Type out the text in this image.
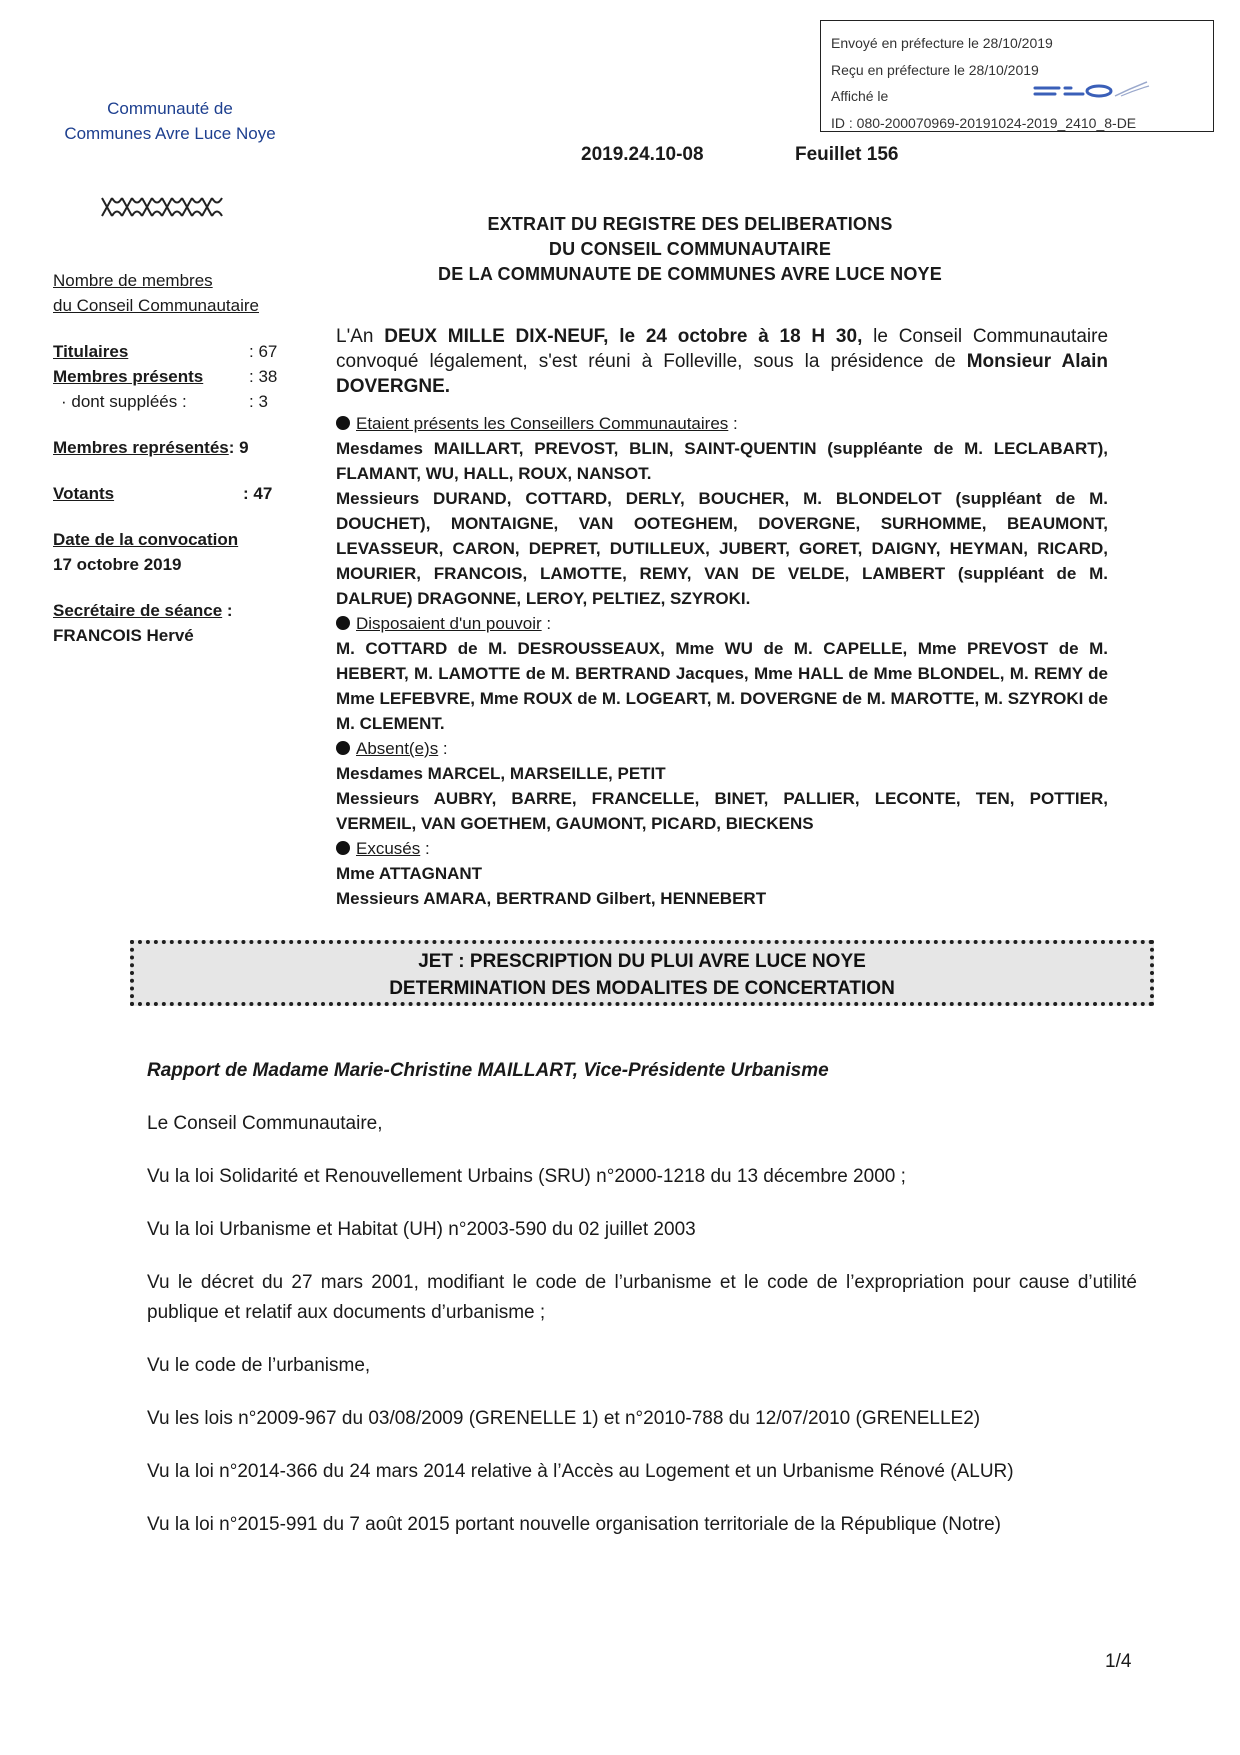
Envoyé en préfecture le 28/10/2019
Reçu en préfecture le 28/10/2019
Affiché le
ID : 080-200070969-20191024-2019_2410_8-DE
Communauté de
Communes Avre Luce Noye
2019.24.10-08	Feuillet 156
EXTRAIT DU REGISTRE DES DELIBERATIONS
DU CONSEIL COMMUNAUTAIRE
DE LA COMMUNAUTE DE COMMUNES AVRE LUCE NOYE
Nombre de membres
du Conseil Communautaire
Titulaires	: 67
Membres présents	: 38
· dont suppléés :	: 3
Membres représentés: 9
Votants	: 47
Date de la convocation
17 octobre 2019
Secrétaire de séance :
FRANCOIS Hervé

L'An DEUX MILLE DIX-NEUF, le 24 octobre à 18 H 30, le Conseil Communautaire convoqué légalement, s'est réuni à Folleville, sous la présidence de Monsieur Alain DOVERGNE.

Etaient présents les Conseillers Communautaires :

Mesdames MAILLART, PREVOST, BLIN, SAINT-QUENTIN (suppléante de M. LECLABART), FLAMANT, WU, HALL, ROUX, NANSOT.

Messieurs DURAND, COTTARD, DERLY, BOUCHER, M. BLONDELOT (suppléant de M. DOUCHET), MONTAIGNE, VAN OOTEGHEM, DOVERGNE, SURHOMME, BEAUMONT, LEVASSEUR, CARON, DEPRET, DUTILLEUX, JUBERT, GORET, DAIGNY, HEYMAN, RICARD, MOURIER, FRANCOIS, LAMOTTE, REMY, VAN DE VELDE, LAMBERT (suppléant de M. DALRUE) DRAGONNE, LEROY, PELTIEZ, SZYROKI.

Disposaient d'un pouvoir :

M. COTTARD de M. DESROUSSEAUX, Mme WU de M. CAPELLE, Mme PREVOST de M. HEBERT, M. LAMOTTE de M. BERTRAND Jacques, Mme HALL de Mme BLONDEL, M. REMY de Mme LEFEBVRE, Mme ROUX de M. LOGEART, M. DOVERGNE de M. MAROTTE, M. SZYROKI de M. CLEMENT.

Absent(e)s :

Mesdames MARCEL, MARSEILLE, PETIT

Messieurs AUBRY, BARRE, FRANCELLE, BINET, PALLIER, LECONTE, TEN, POTTIER, VERMEIL, VAN GOETHEM, GAUMONT, PICARD, BIECKENS

Excusés :

Mme ATTAGNANT

Messieurs AMARA, BERTRAND Gilbert, HENNEBERT

JET : PRESCRIPTION DU PLUI AVRE LUCE NOYE
DETERMINATION DES MODALITES DE CONCERTATION

Rapport de Madame Marie-Christine MAILLART, Vice-Présidente Urbanisme

Le Conseil Communautaire,

Vu la loi Solidarité et Renouvellement Urbains (SRU) n°2000-1218 du 13 décembre 2000 ;

Vu la loi Urbanisme et Habitat (UH) n°2003-590 du 02 juillet 2003

Vu le décret du 27 mars 2001, modifiant le code de l’urbanisme et le code de l’expropriation pour cause d’utilité publique et relatif aux documents d’urbanisme ;

Vu le code de l’urbanisme,

Vu les lois n°2009-967 du 03/08/2009 (GRENELLE 1) et n°2010-788 du 12/07/2010 (GRENELLE2)

Vu la loi n°2014-366 du 24 mars 2014 relative à l’Accès au Logement et un Urbanisme Rénové (ALUR)

Vu la loi n°2015-991 du 7 août 2015 portant nouvelle organisation territoriale de la République (Notre)

1/4
